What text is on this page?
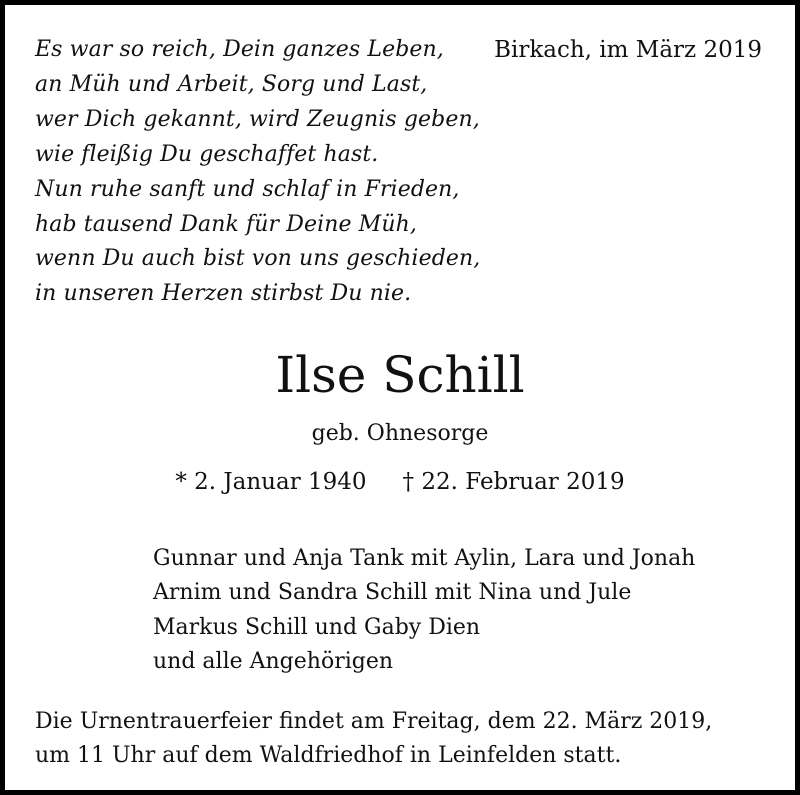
Es war so reich, Dein ganzes Leben,
an Müh und Arbeit, Sorg und Last,
wer Dich gekannt, wird Zeugnis geben,
wie fleißig Du geschaffet hast.
Nun ruhe sanft und schlaf in Frieden,
hab tausend Dank für Deine Müh,
wenn Du auch bist von uns geschieden,
in unseren Herzen stirbst Du nie.
Birkach, im März 2019
Ilse Schill
geb. Ohnesorge
* 2. Januar 1940 † 22. Februar 2019
Gunnar und Anja Tank mit Aylin, Lara und Jonah
Arnim und Sandra Schill mit Nina und Jule
Markus Schill und Gaby Dien
und alle Angehörigen
Die Urnentrauerfeier findet am Freitag, dem 22. März 2019,
um 11 Uhr auf dem Waldfriedhof in Leinfelden statt.
